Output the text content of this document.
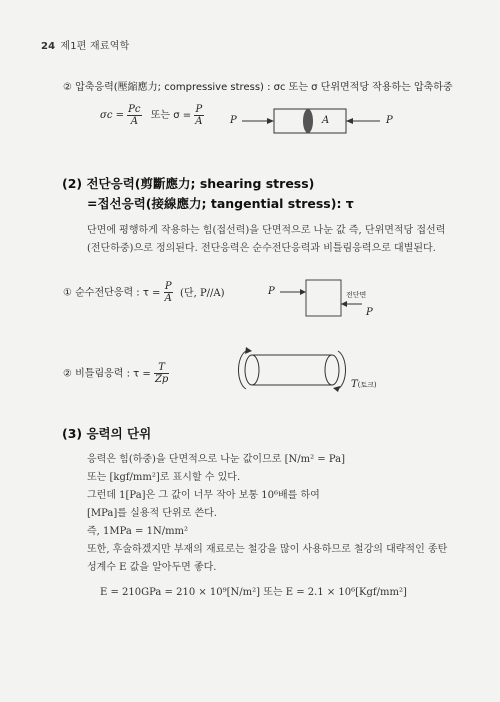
24 제1편 재료역학
② 압축응력(壓縮應力; compressive stress) : σc 또는 σ 단위면적당 작용하는 압축하중
$\sigma c = \frac{Pc}{A}$ 또는 $\sigma = \frac{P}{A}$	P	A	P
(2) 전단응력(剪斷應力; shearing stress)
=접선응력(接線應力; tangential stress): τ
단면에 평행하게 작용하는 힘(접선력)을 단면적으로 나눈 값 즉, 단위면적당 접선력
(전단하중)으로 정의된다. 전단응력은 순수전단응력과 비틀림응력으로 대별된다.
① 순수전단응력 : $\tau = \frac{P}{A}$ (단, P//A)	P	전단면
P
② 비틀림응력 : $\tau = \frac{T}{Zp}$	T(토크)
(3) 응력의 단위
응력은 힘(하중)을 단면적으로 나눈 값이므로 [N/m² = Pa]
또는 [kgf/mm²]로 표시할 수 있다.
그런데 1[Pa]은 그 값이 너무 작아 보통 10⁶배를 하여
[MPa]를 실용적 단위로 쓴다.
즉, 1MPa = 1N/mm²
또한, 후술하겠지만 부재의 재료로는 철강을 많이 사용하므로 철강의 대략적인 종탄
성계수 E 값을 알아두면 좋다.
E = 210GPa = 210 × 10⁹[N/m²] 또는 E = 2.1 × 10⁶[Kgf/mm²]
